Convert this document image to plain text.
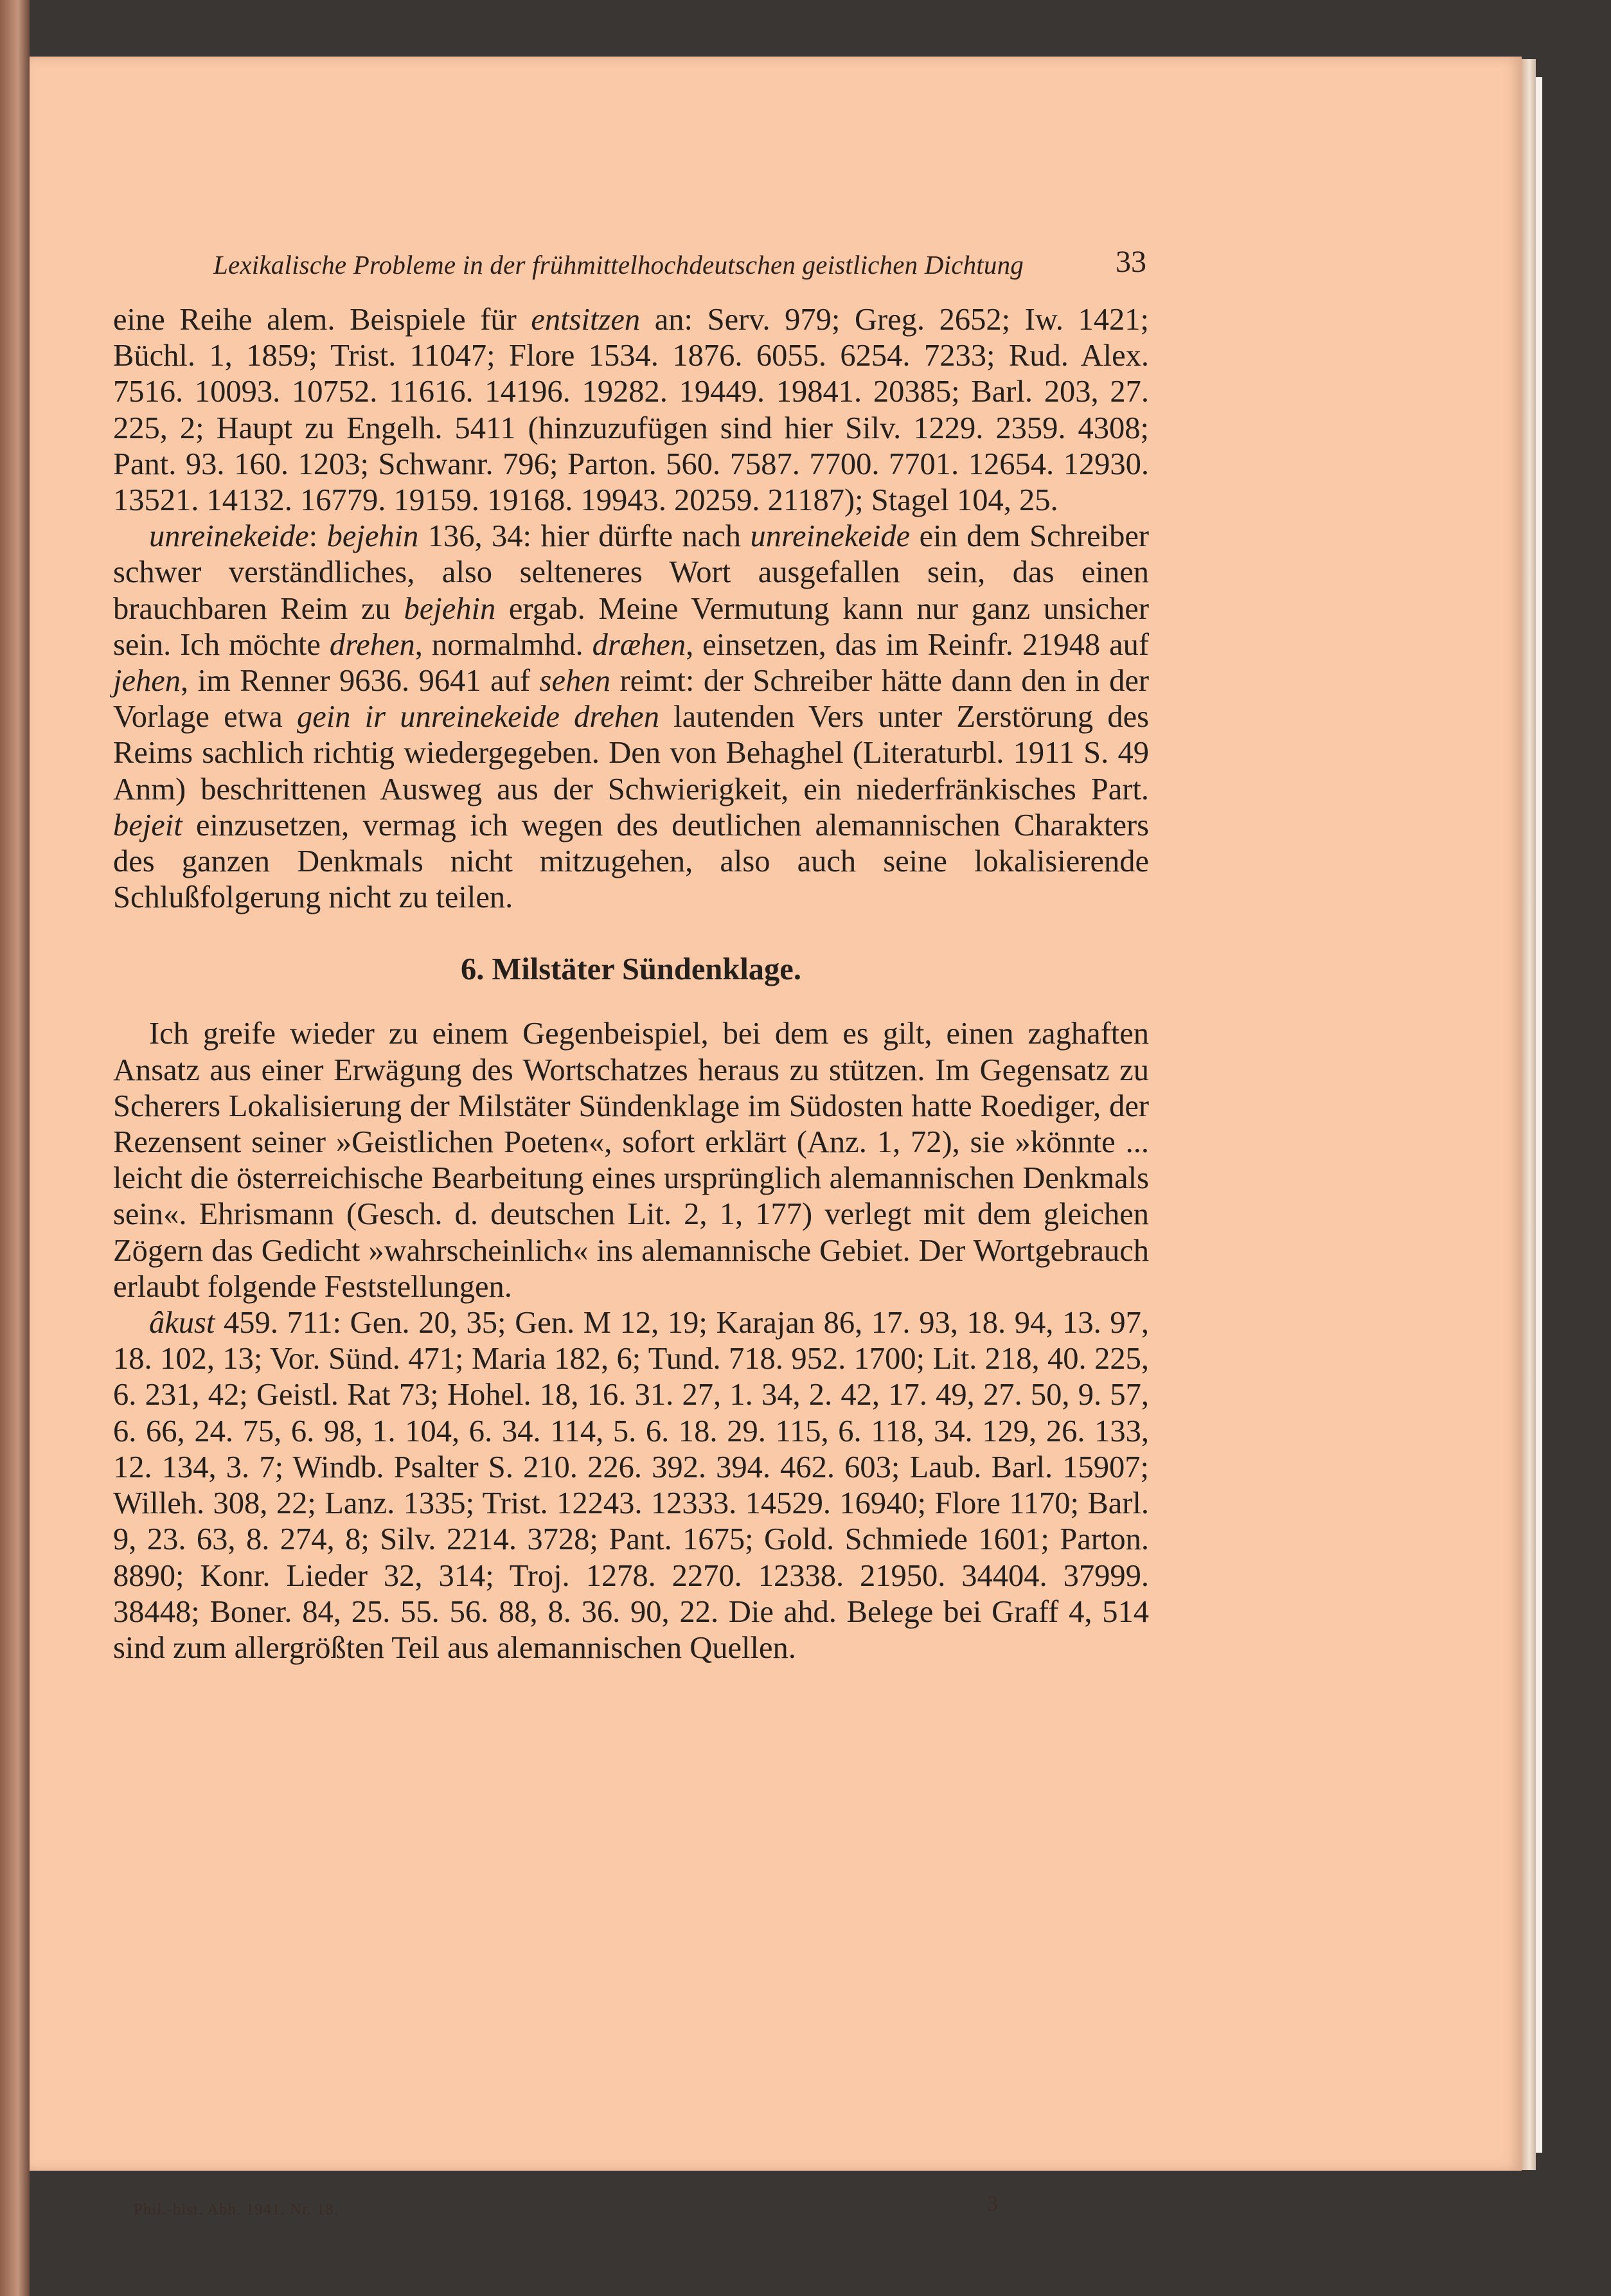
Lexikalische Probleme in der frühmittelhochdeutschen geistlichen Dichtung	33

eine Reihe alem. Beispiele für entsitzen an: Serv. 979; Greg. 2652; Iw. 1421; Büchl. 1, 1859; Trist. 11047; Flore 1534. 1876. 6055. 6254. 7233; Rud. Alex. 7516. 10093. 10752. 11616. 14196. 19282. 19449. 19841. 20385; Barl. 203, 27. 225, 2; Haupt zu Engelh. 5411 (hinzuzufügen sind hier Silv. 1229. 2359. 4308; Pant. 93. 160. 1203; Schwanr. 796; Parton. 560. 7587. 7700. 7701. 12654. 12930. 13521. 14132. 16779. 19159. 19168. 19943. 20259. 21187); Stagel 104, 25.

unreinekeide: bejehin 136, 34: hier dürfte nach unreinekeide ein dem Schreiber schwer verständliches, also selteneres Wort ausgefallen sein, das einen brauchbaren Reim zu bejehin ergab. Meine Vermutung kann nur ganz unsicher sein. Ich möchte drehen, normalmhd. dræhen, einsetzen, das im Reinfr. 21948 auf jehen, im Renner 9636. 9641 auf sehen reimt: der Schreiber hätte dann den in der Vorlage etwa gein ir unreinekeide drehen lautenden Vers unter Zerstörung des Reims sachlich richtig wiedergegeben. Den von Behaghel (Literaturbl. 1911 S. 49 Anm) beschrittenen Ausweg aus der Schwierigkeit, ein niederfränkisches Part. bejeit einzusetzen, vermag ich wegen des deutlichen alemannischen Charakters des ganzen Denkmals nicht mitzugehen, also auch seine lokalisierende Schlußfolgerung nicht zu teilen.

6. Milstäter Sündenklage.

Ich greife wieder zu einem Gegenbeispiel, bei dem es gilt, einen zaghaften Ansatz aus einer Erwägung des Wortschatzes heraus zu stützen. Im Gegensatz zu Scherers Lokalisierung der Milstäter Sündenklage im Südosten hatte Roediger, der Rezensent seiner »Geistlichen Poeten«, sofort erklärt (Anz. 1, 72), sie »könnte ... leicht die österreichische Bearbeitung eines ursprünglich alemannischen Denkmals sein«. Ehrismann (Gesch. d. deutschen Lit. 2, 1, 177) verlegt mit dem gleichen Zögern das Gedicht »wahrscheinlich« ins alemannische Gebiet. Der Wortgebrauch erlaubt folgende Feststellungen.

âkust 459. 711: Gen. 20, 35; Gen. M 12, 19; Karajan 86, 17. 93, 18. 94, 13. 97, 18. 102, 13; Vor. Sünd. 471; Maria 182, 6; Tund. 718. 952. 1700; Lit. 218, 40. 225, 6. 231, 42; Geistl. Rat 73; Hohel. 18, 16. 31. 27, 1. 34, 2. 42, 17. 49, 27. 50, 9. 57, 6. 66, 24. 75, 6. 98, 1. 104, 6. 34. 114, 5. 6. 18. 29. 115, 6. 118, 34. 129, 26. 133, 12. 134, 3. 7; Windb. Psalter S. 210. 226. 392. 394. 462. 603; Laub. Barl. 15907; Willeh. 308, 22; Lanz. 1335; Trist. 12243. 12333. 14529. 16940; Flore 1170; Barl. 9, 23. 63, 8. 274, 8; Silv. 2214. 3728; Pant. 1675; Gold. Schmiede 1601; Parton. 8890; Konr. Lieder 32, 314; Troj. 1278. 2270. 12338. 21950. 34404. 37999. 38448; Boner. 84, 25. 55. 56. 88, 8. 36. 90, 22. Die ahd. Belege bei Graff 4, 514 sind zum allergrößten Teil aus alemannischen Quellen.

Phil.-hist. Abh. 1941. Nr. 18.	3
